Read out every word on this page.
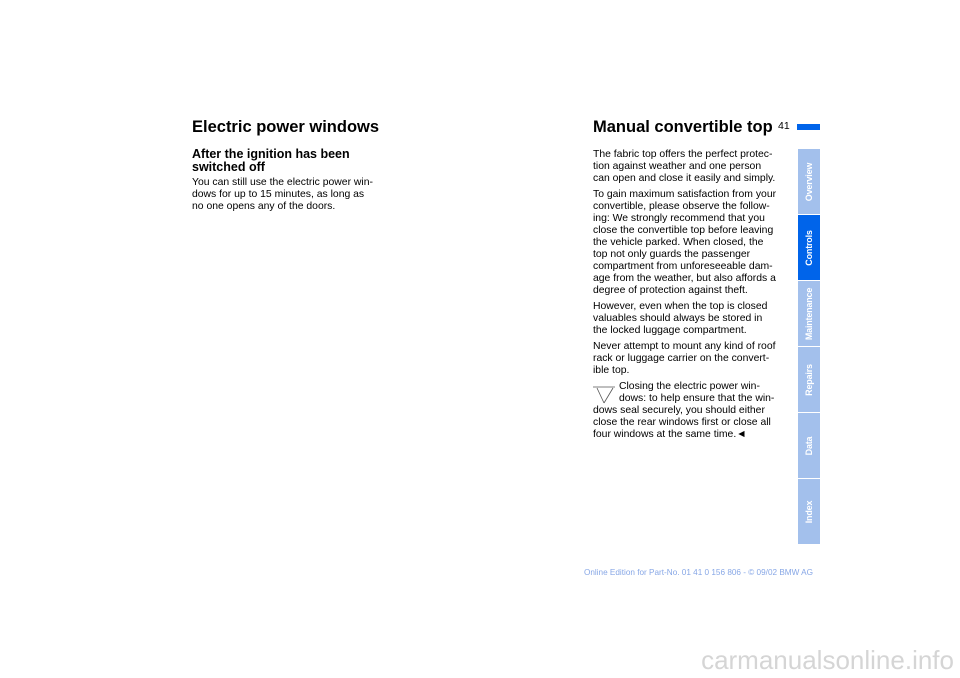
Electric power windows
After the ignition has been switched off

You can still use the electric power win-
dows for up to 15 minutes, as long as
no one opens any of the doors.

Manual convertible top 41

The fabric top offers the perfect protec-
tion against weather and one person
can open and close it easily and simply.

To gain maximum satisfaction from your
convertible, please observe the follow-
ing: We strongly recommend that you
close the convertible top before leaving
the vehicle parked. When closed, the
top not only guards the passenger
compartment from unforeseeable dam-
age from the weather, but also affords a
degree of protection against theft.

However, even when the top is closed
valuables should always be stored in
the locked luggage compartment.

Never attempt to mount any kind of roof
rack or luggage carrier on the convert-
ible top.

Closing the electric power win-
dows: to help ensure that the win-
dows seal securely, you should either
close the rear windows first or close all
four windows at the same time.◄
Overview
Controls
Maintenance
Repairs
Data
Index
Online Edition for Part-No. 01 41 0 156 806 - © 09/02 BMW AG
carmanualsonline.info
